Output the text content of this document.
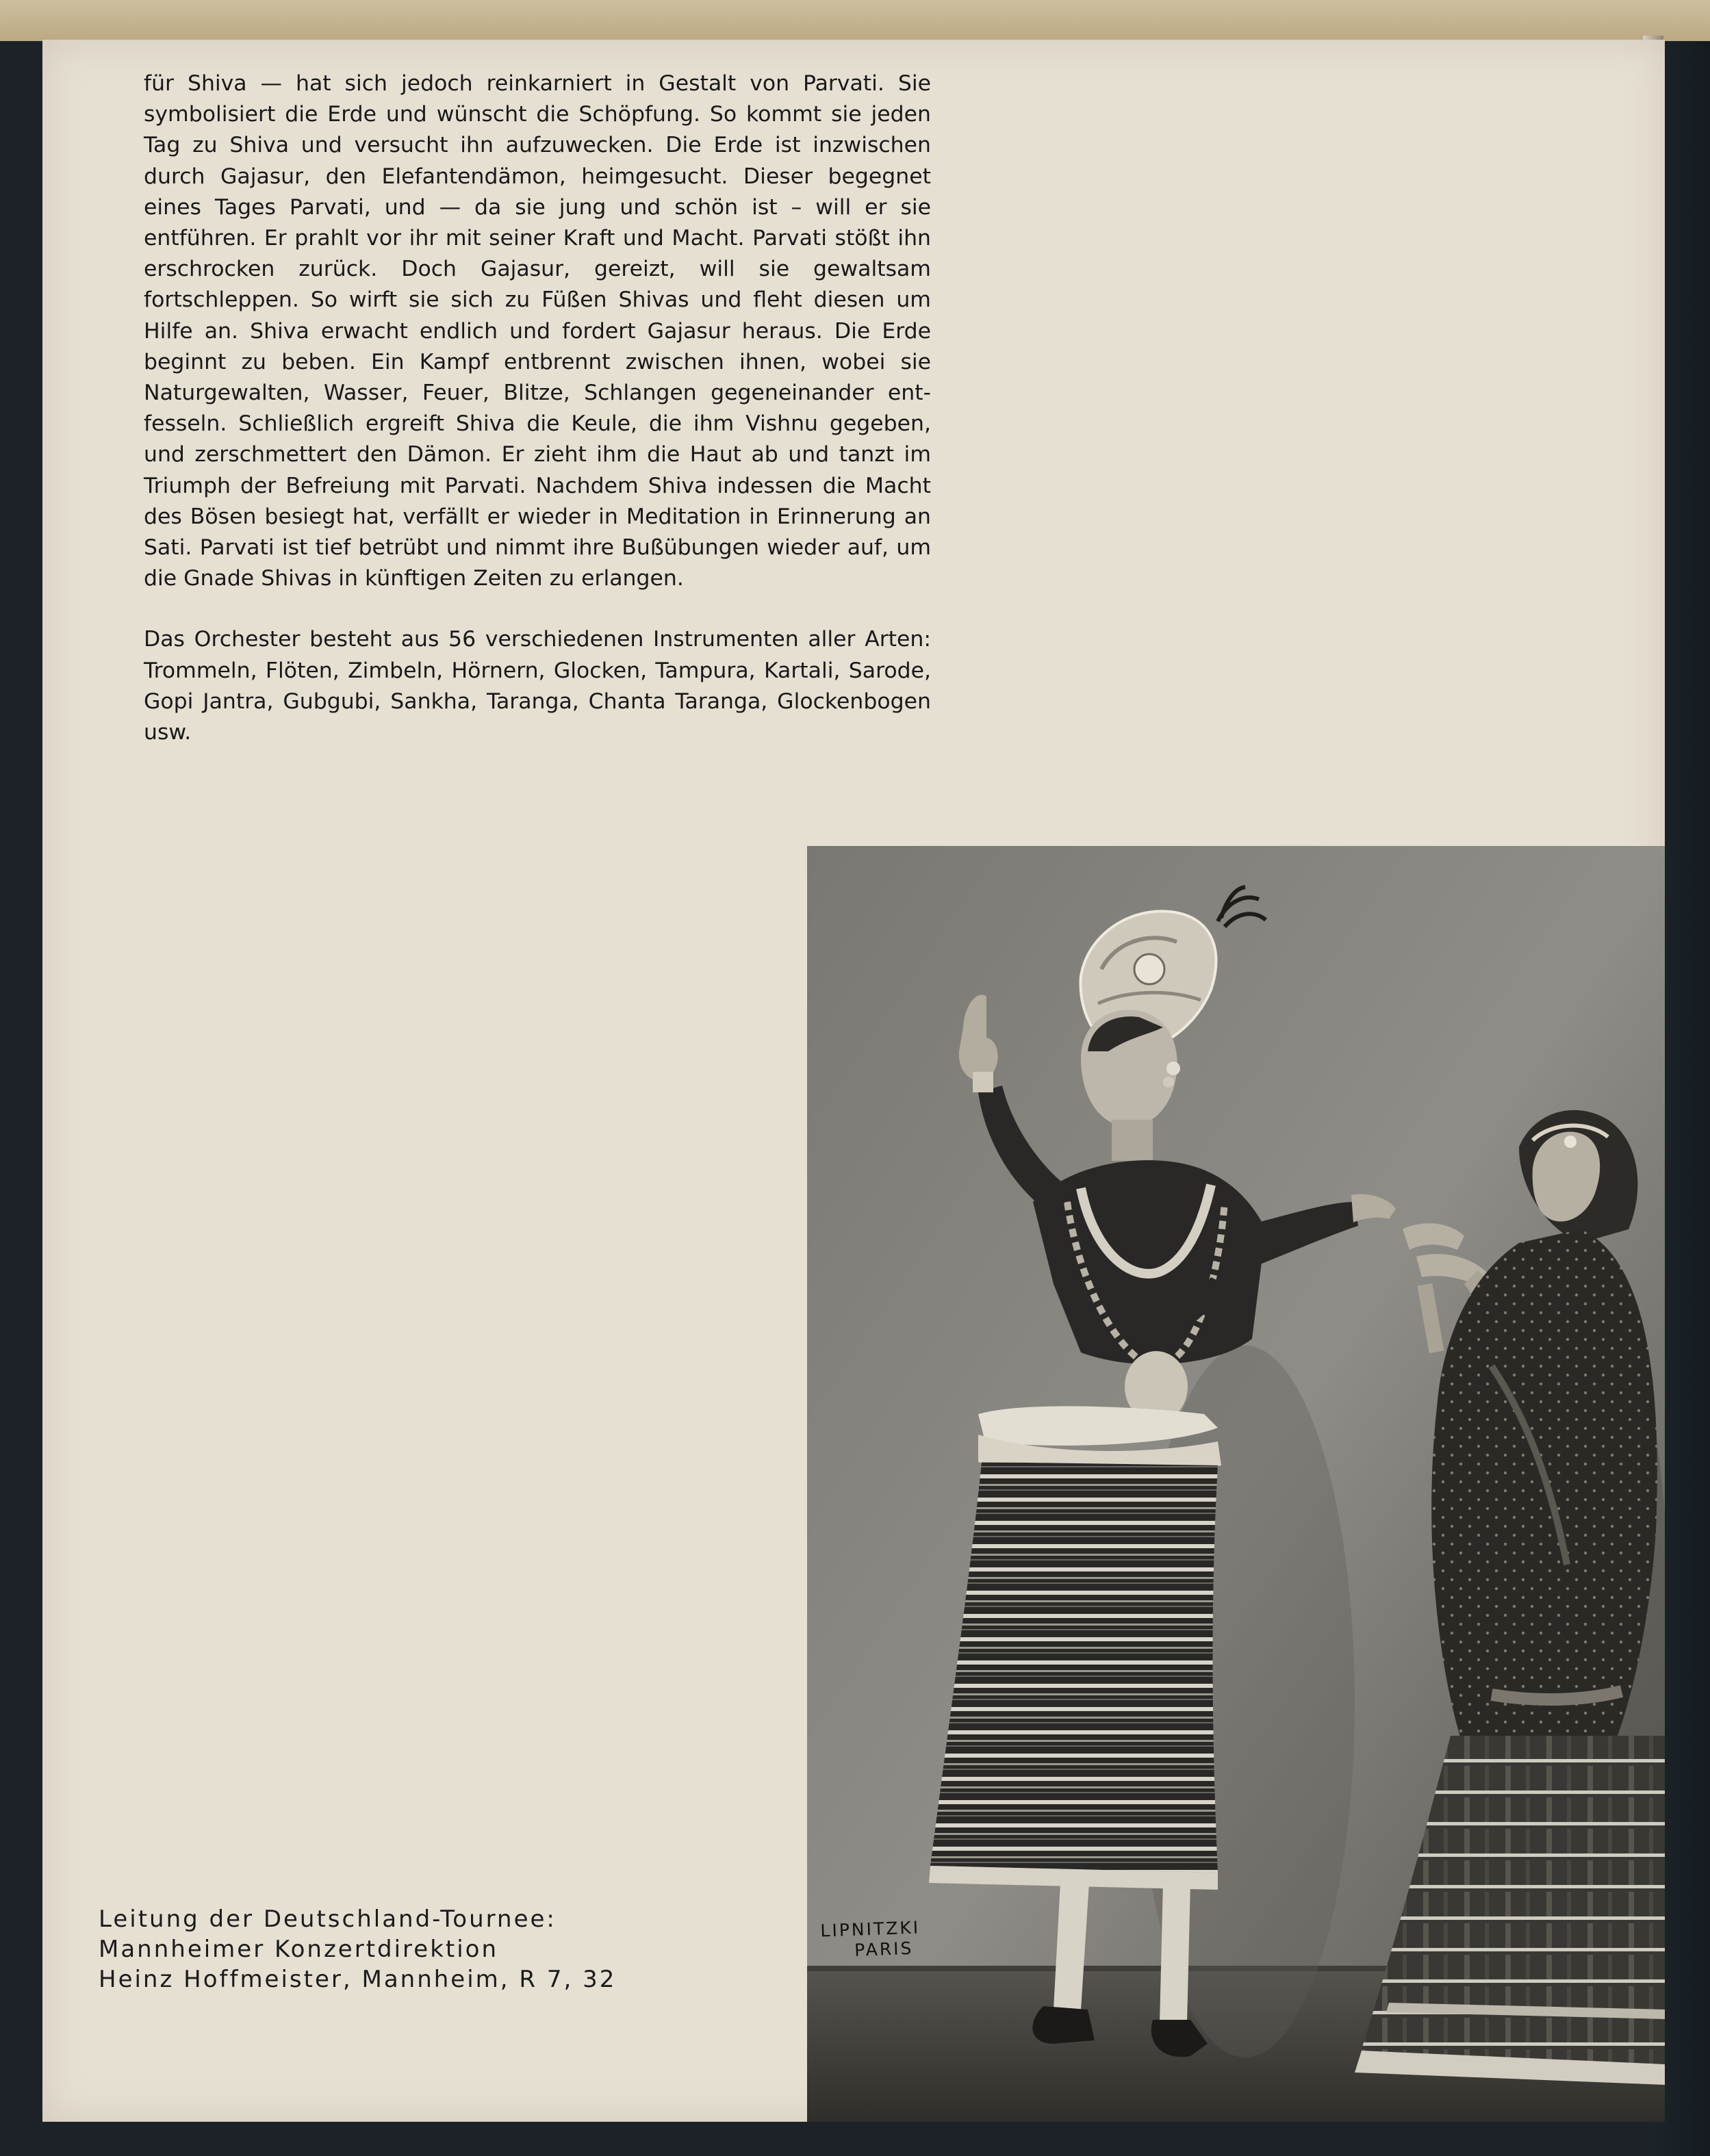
für Shiva — hat sich jedoch reinkarniert in Gestalt von Parvati. Sie symbolisiert die Erde und wünscht die Schöpfung. So kommt sie jeden Tag zu Shiva und versucht ihn aufzuwecken. Die Erde ist inzwischen durch Gajasur, den Elefantendämon, heimgesucht. Dieser begegnet eines Tages Parvati, und — da sie jung und schön ist – will er sie entführen. Er prahlt vor ihr mit seiner Kraft und Macht. Parvati stößt ihn erschrocken zurück. Doch Gajasur, gereizt, will sie gewaltsam fortschleppen. So wirft sie sich zu Füßen Shivas und fleht diesen um Hilfe an. Shiva erwacht endlich und fordert Gajasur heraus. Die Erde beginnt zu beben. Ein Kampf entbrennt zwischen ihnen, wobei sie Naturgewalten, Wasser, Feuer, Blitze, Schlangen gegeneinander entfesseln. Schließlich ergreift Shiva die Keule, die ihm Vishnu gegeben, und zerschmettert den Dämon. Er zieht ihm die Haut ab und tanzt im Triumph der Befreiung mit Parvati. Nachdem Shiva indessen die Macht des Bösen besiegt hat, verfällt er wieder in Meditation in Erinnerung an Sati. Parvati ist tief betrübt und nimmt ihre Bußübungen wieder auf, um die Gnade Shivas in künftigen Zeiten zu erlangen.

Das Orchester besteht aus 56 verschiedenen Instrumenten aller Arten: Trommeln, Flöten, Zimbeln, Hörnern, Glocken, Tampura, Kartali, Sarode, Gopi Jantra, Gubgubi, Sankha, Taranga, Chanta Taranga, Glockenbogen usw.

Leitung der Deutschland-Tournee:
Mannheimer Konzertdirektion
Heinz Hoffmeister, Mannheim, R 7, 32
LIPNITZKI
PARIS
